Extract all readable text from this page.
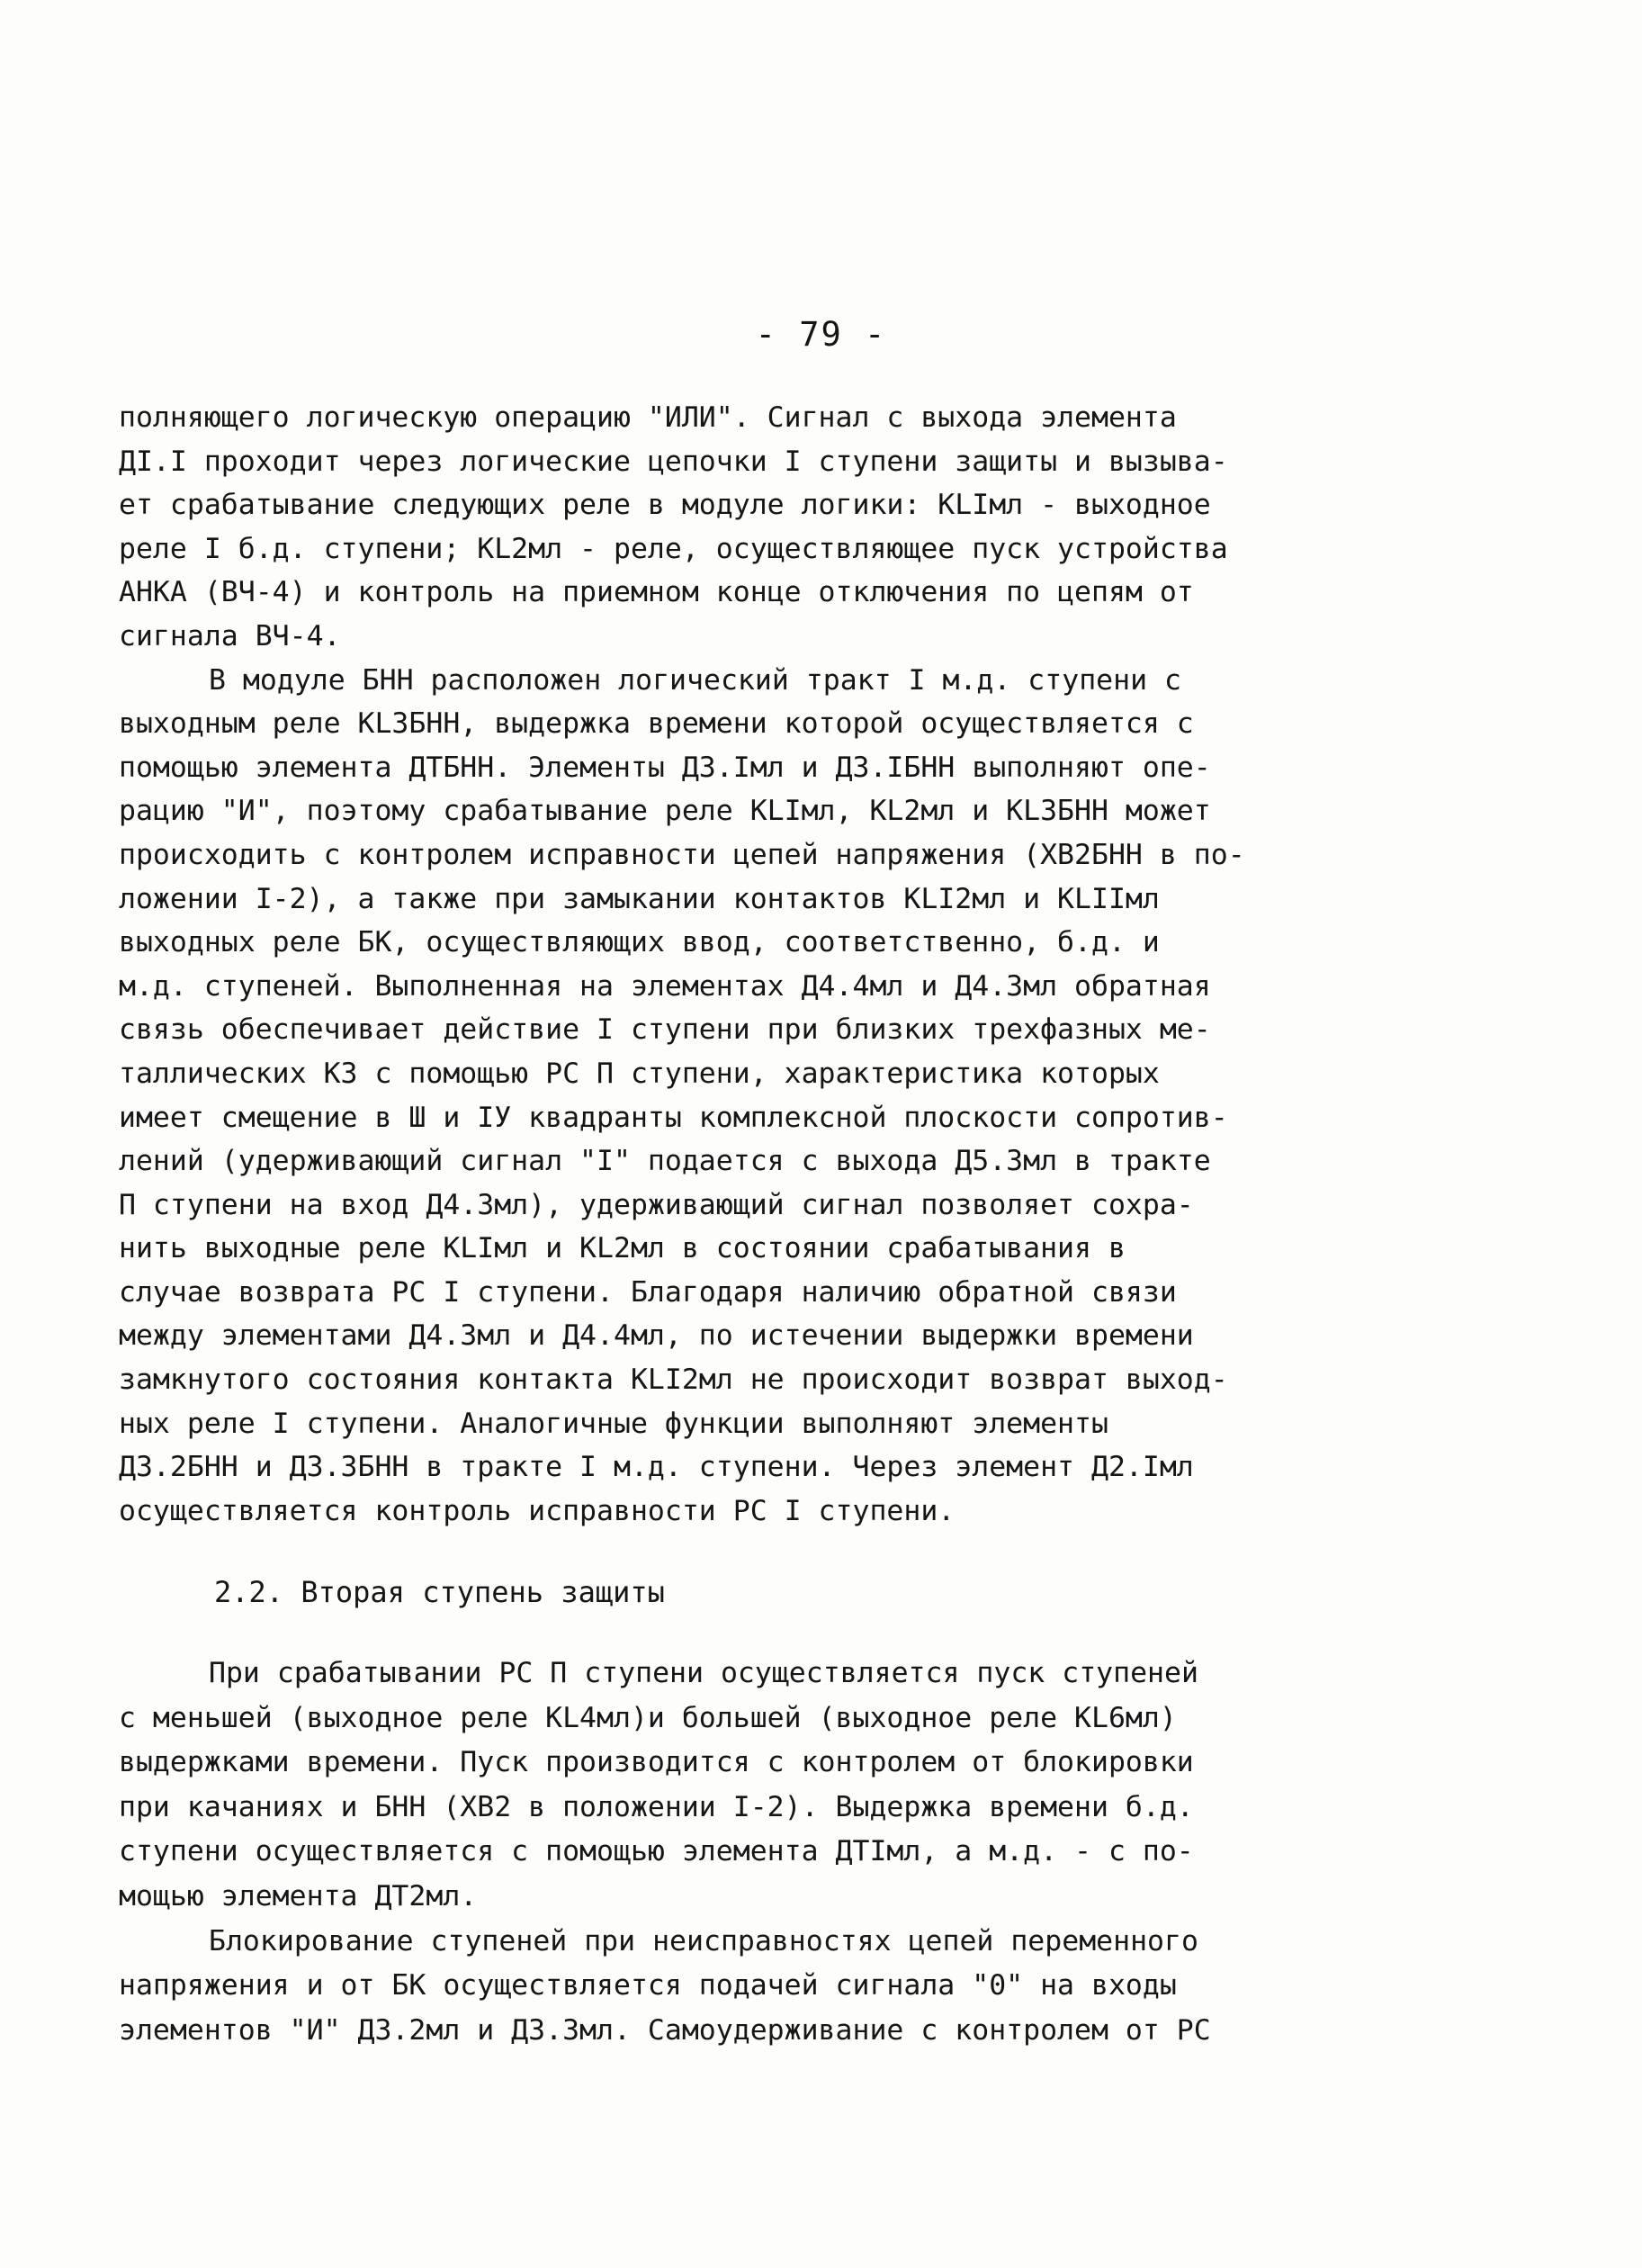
- 79 -
полняющего логическую операцию "ИЛИ". Сигнал с выхода элемента
ДI.I проходит через логические цепочки I ступени защиты и вызыва-
ет срабатывание следующих реле в модуле логики: КLIмл - выходное
реле I б.д. ступени; КL2мл - реле, осуществляющее пуск устройства
АНКА (ВЧ-4) и контроль на приемном конце отключения по цепям от
сигнала ВЧ-4.
В модуле БНН расположен логический тракт I м.д. ступени с
выходным реле КL3БНН, выдержка времени которой осуществляется с
помощью элемента ДТБНН. Элементы ДЗ.Iмл и ДЗ.IБНН выполняют опе-
рацию "И", поэтому срабатывание реле КLIмл, КL2мл и КL3БНН может
происходить с контролем исправности цепей напряжения (ХВ2БНН в по-
ложении I-2), а также при замыкании контактов КLI2мл и КLIIмл
выходных реле БК, осуществляющих ввод, соответственно, б.д. и
м.д. ступеней. Выполненная на элементах Д4.4мл и Д4.3мл обратная
связь обеспечивает действие I ступени при близких трехфазных ме-
таллических КЗ с помощью РС П ступени, характеристика которых
имеет смещение в Ш и IУ квадранты комплексной плоскости сопротив-
лений (удерживающий сигнал "I" подается с выхода Д5.3мл в тракте
П ступени на вход Д4.3мл), удерживающий сигнал позволяет сохра-
нить выходные реле КLIмл и КL2мл в состоянии срабатывания в
случае возврата РС I ступени. Благодаря наличию обратной связи
между элементами Д4.3мл и Д4.4мл, по истечении выдержки времени
замкнутого состояния контакта КLI2мл не происходит возврат выход-
ных реле I ступени. Аналогичные функции выполняют элементы
ДЗ.2БНН и ДЗ.3БНН в тракте I м.д. ступени. Через элемент Д2.Iмл
осуществляется контроль исправности РС I ступени.
2.2. Вторая ступень защиты
При срабатывании РС П ступени осуществляется пуск ступеней
с меньшей (выходное реле КL4мл)и большей (выходное реле КL6мл)
выдержками времени. Пуск производится с контролем от блокировки
при качаниях и БНН (ХВ2 в положении I-2). Выдержка времени б.д.
ступени осуществляется с помощью элемента ДТIмл, а м.д. - с по-
мощью элемента ДТ2мл.
Блокирование ступеней при неисправностях цепей переменного
напряжения и от БК осуществляется подачей сигнала "0" на входы
элементов "И" ДЗ.2мл и ДЗ.3мл. Самоудерживание с контролем от РС
